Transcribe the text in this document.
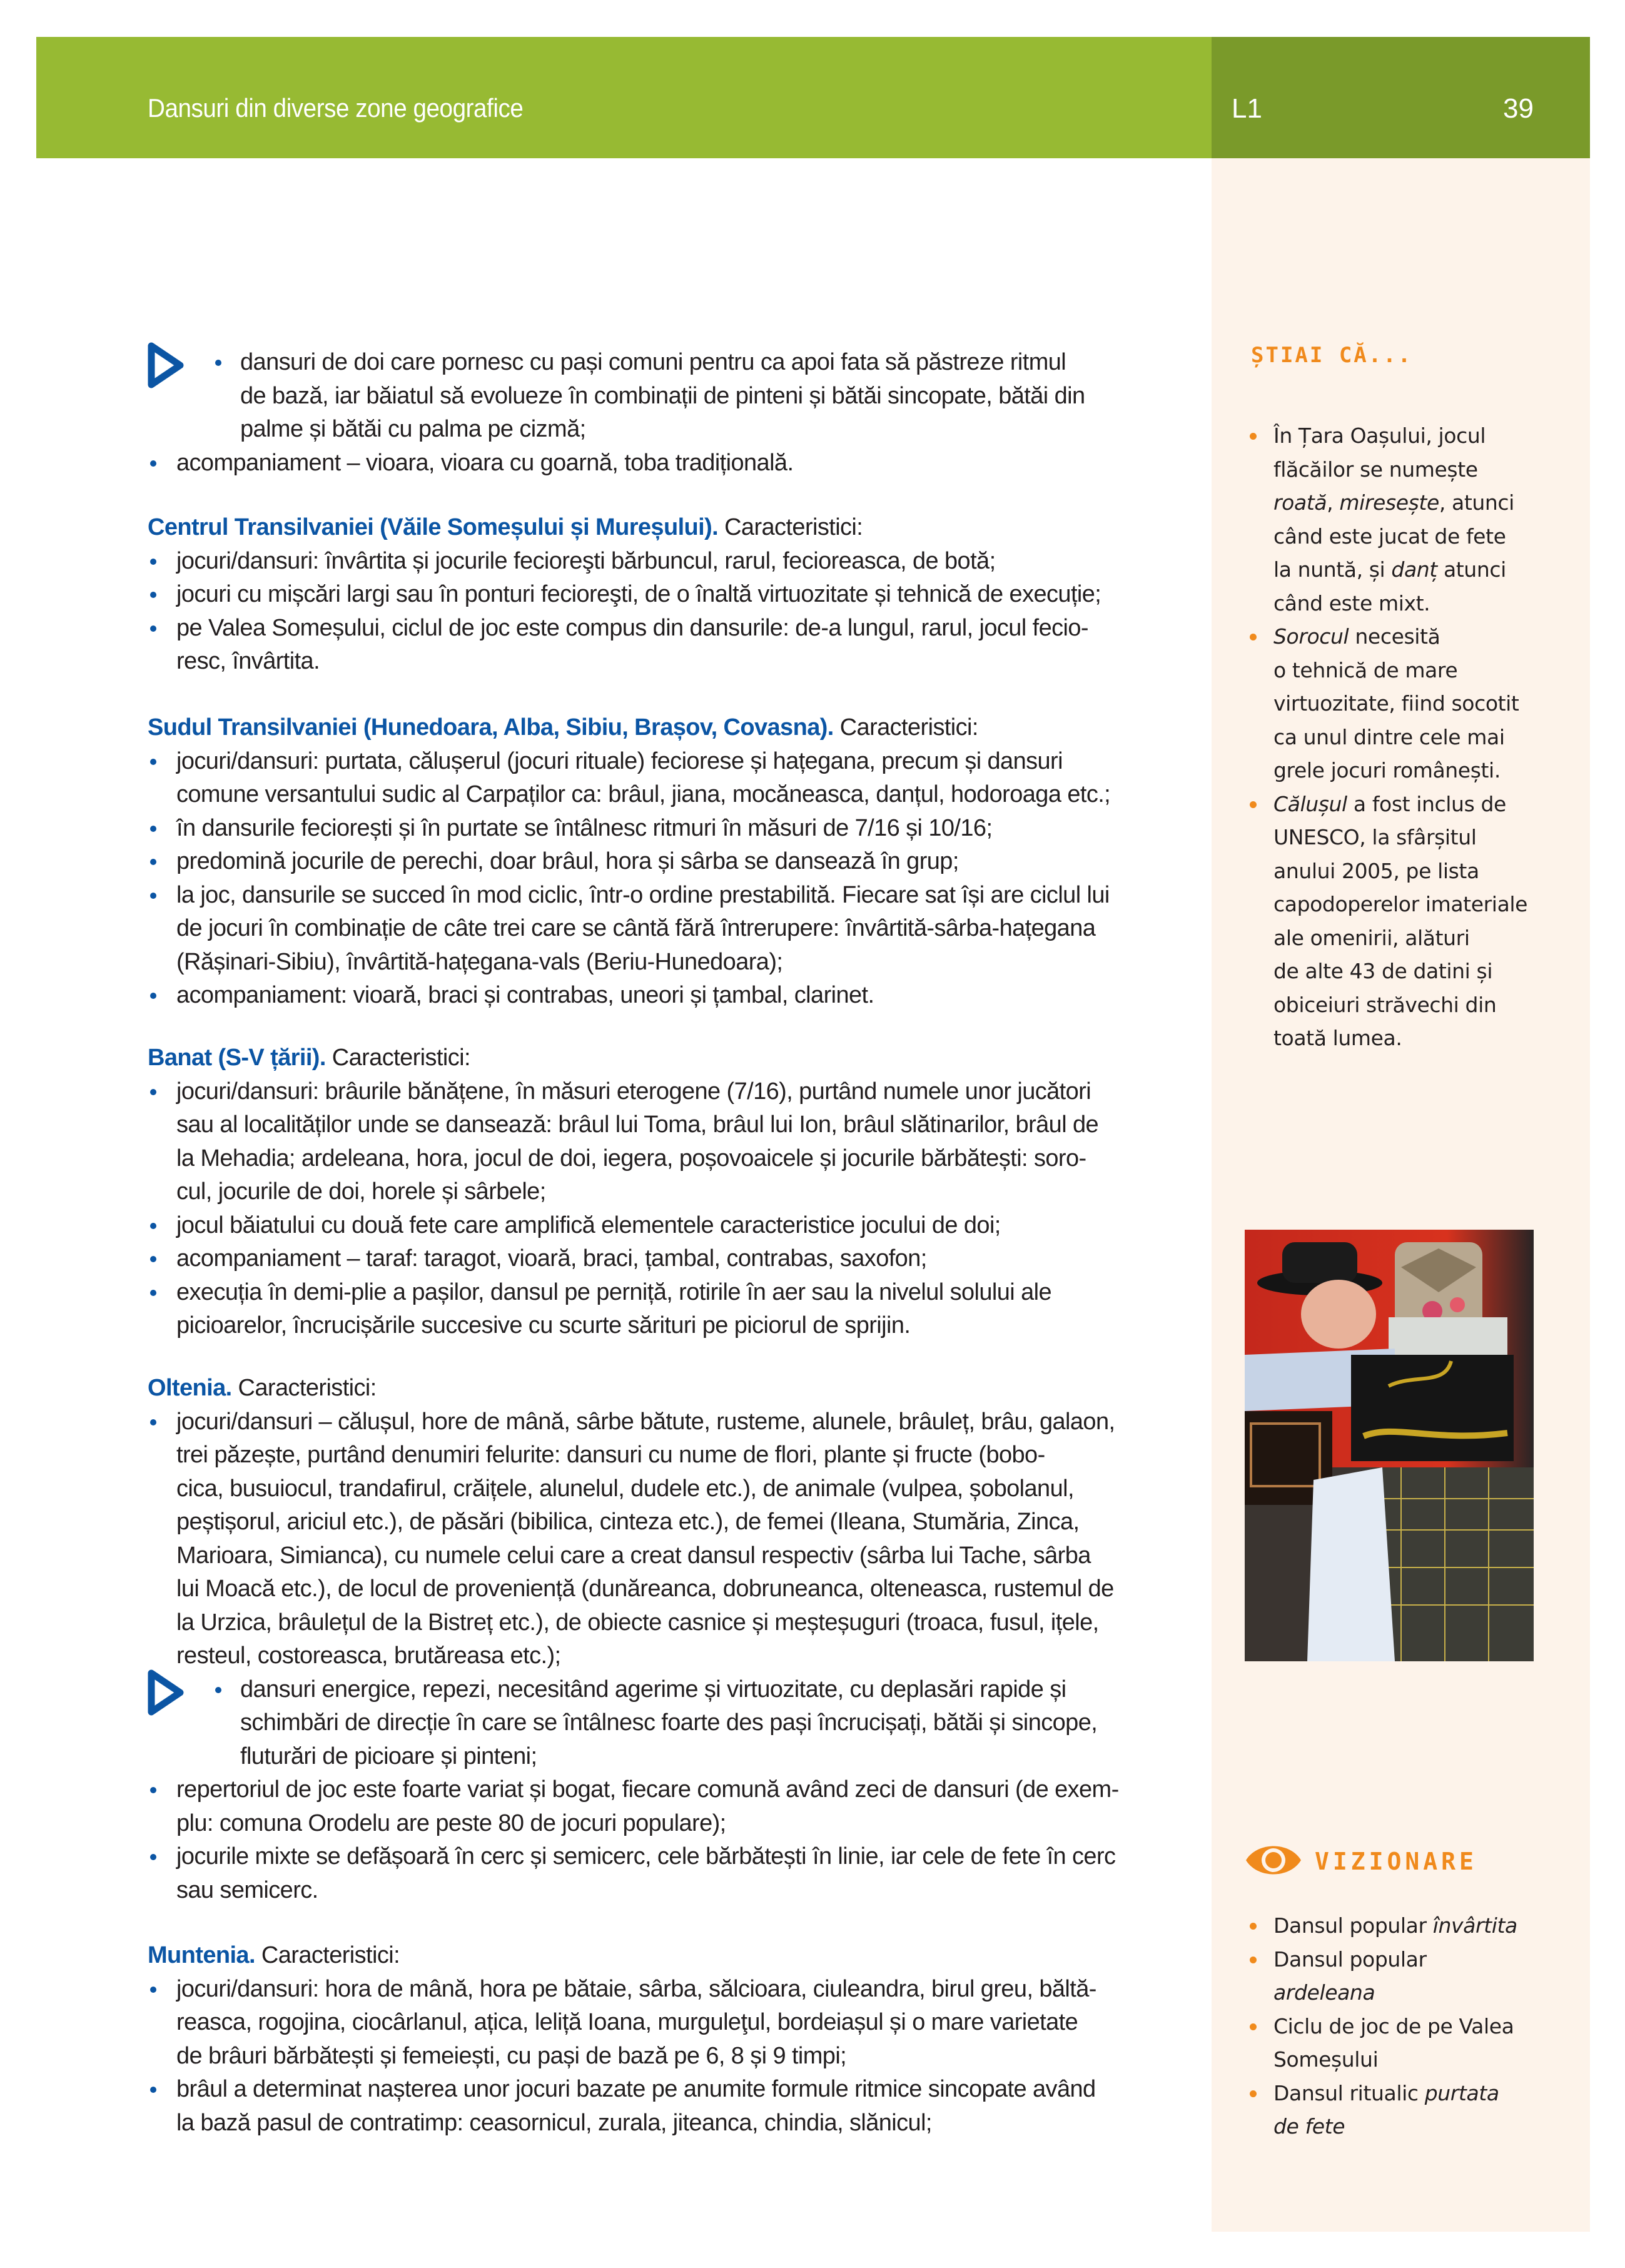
Dansuri din diverse zone geografice	L1	39
dansuri de doi care pornesc cu pași comuni pentru ca apoi fata să păstreze ritmul
de bază, iar băiatul să evolueze în combinații de pinteni și bătăi sincopate, bătăi din
palme și bătăi cu palma pe cizmă;
acompaniament – vioara, vioara cu goarnă, toba tradițională.
Centrul Transilvaniei (Văile Someșului și Mureșului). Caracteristici:
jocuri/dansuri: învârtita și jocurile fecioreşti bărbuncul, rarul, fecioreasca, de botă;
jocuri cu mișcări largi sau în ponturi fecioreşti, de o înaltă virtuozitate și tehnică de execuție;
pe Valea Someșului, ciclul de joc este compus din dansurile: de-a lungul, rarul, jocul fecio-
resc, învârtita.
Sudul Transilvaniei (Hunedoara, Alba, Sibiu, Brașov, Covasna). Caracteristici:
jocuri/dansuri: purtata, călușerul (jocuri rituale) feciorese și hațegana, precum și dansuri
comune versantului sudic al Carpaților ca: brâul, jiana, mocăneasca, danțul, hodoroaga etc.;
în dansurile feciorești și în purtate se întâlnesc ritmuri în măsuri de 7/16 și 10/16;
predomină jocurile de perechi, doar brâul, hora și sârba se dansează în grup;
la joc, dansurile se succed în mod ciclic, într-o ordine prestabilită. Fiecare sat își are ciclul lui
de jocuri în combinație de câte trei care se cântă fără întrerupere: învârtită-sârba-hațegana
(Rășinari-Sibiu), învârtită-hațegana-vals (Beriu-Hunedoara);
acompaniament: vioară, braci și contrabas, uneori și țambal, clarinet.
Banat (S-V țării). Caracteristici:
jocuri/dansuri: brâurile bănățene, în măsuri eterogene (7/16), purtând numele unor jucători
sau al localităților unde se dansează: brâul lui Toma, brâul lui Ion, brâul slătinarilor, brâul de
la Mehadia; ardeleana, hora, jocul de doi, iegera, poșovoaicele și jocurile bărbătești: soro-
cul, jocurile de doi, horele și sârbele;
jocul băiatului cu două fete care amplifică elementele caracteristice jocului de doi;
acompaniament – taraf: taragot, vioară, braci, țambal, contrabas, saxofon;
execuția în demi-plie a pașilor, dansul pe perniță, rotirile în aer sau la nivelul solului ale
picioarelor, încrucișările succesive cu scurte sărituri pe piciorul de sprijin.
Oltenia. Caracteristici:
jocuri/dansuri – călușul, hore de mână, sârbe bătute, rusteme, alunele, brâuleț, brâu, galaon,
trei păzește, purtând denumiri felurite: dansuri cu nume de flori, plante și fructe (bobo-
cica, busuiocul, trandafirul, crăițele, alunelul, dudele etc.), de animale (vulpea, șobolanul,
peștișorul, ariciul etc.), de păsări (bibilica, cinteza etc.), de femei (Ileana, Stumăria, Zinca,
Marioara, Simianca), cu numele celui care a creat dansul respectiv (sârba lui Tache, sârba
lui Moacă etc.), de locul de proveniență (dunăreanca, dobruneanca, olteneasca, rustemul de
la Urzica, brâulețul de la Bistreț etc.), de obiecte casnice și meșteșuguri (troaca, fusul, ițele,
resteul, costoreasca, brutăreasa etc.);
dansuri energice, repezi, necesitând agerime și virtuozitate, cu deplasări rapide și
schimbări de direcție în care se întâlnesc foarte des pași încrucișați, bătăi și sincope,
fluturări de picioare și pinteni;
repertoriul de joc este foarte variat și bogat, fiecare comună având zeci de dansuri (de exem-
plu: comuna Orodelu are peste 80 de jocuri populare);
jocurile mixte se defășoară în cerc și semicerc, cele bărbătești în linie, iar cele de fete în cerc
sau semicerc.
Muntenia. Caracteristici:
jocuri/dansuri: hora de mână, hora pe bătaie, sârba, sălcioara, ciuleandra, birul greu, băltă-
reasca, rogojina, ciocârlanul, ațica, leliță Ioana, murguleţul, bordeiașul și o mare varietate
de brâuri bărbătești și femeiești, cu pași de bază pe 6, 8 și 9 timpi;
brâul a determinat nașterea unor jocuri bazate pe anumite formule ritmice sincopate având
la bază pasul de contratimp: ceasornicul, zurala, jiteanca, chindia, slănicul;
ȘTIAI CĂ...
În Țara Oașului, jocul
flăcăilor se numește
roată, miresește, atunci
când este jucat de fete
la nuntă, și danț atunci
când este mixt.
Sorocul necesită
o tehnică de mare
virtuozitate, fiind socotit
ca unul dintre cele mai
grele jocuri românești.
Călușul a fost inclus de
UNESCO, la sfârșitul
anului 2005, pe lista
capodoperelor imateriale
ale omenirii, alături
de alte 43 de datini și
obiceiuri străvechi din
toată lumea.
VIZIONARE
Dansul popular învârtita
Dansul popular
ardeleana
Ciclu de joc de pe Valea
Someșului
Dansul ritualic purtata
de fete
